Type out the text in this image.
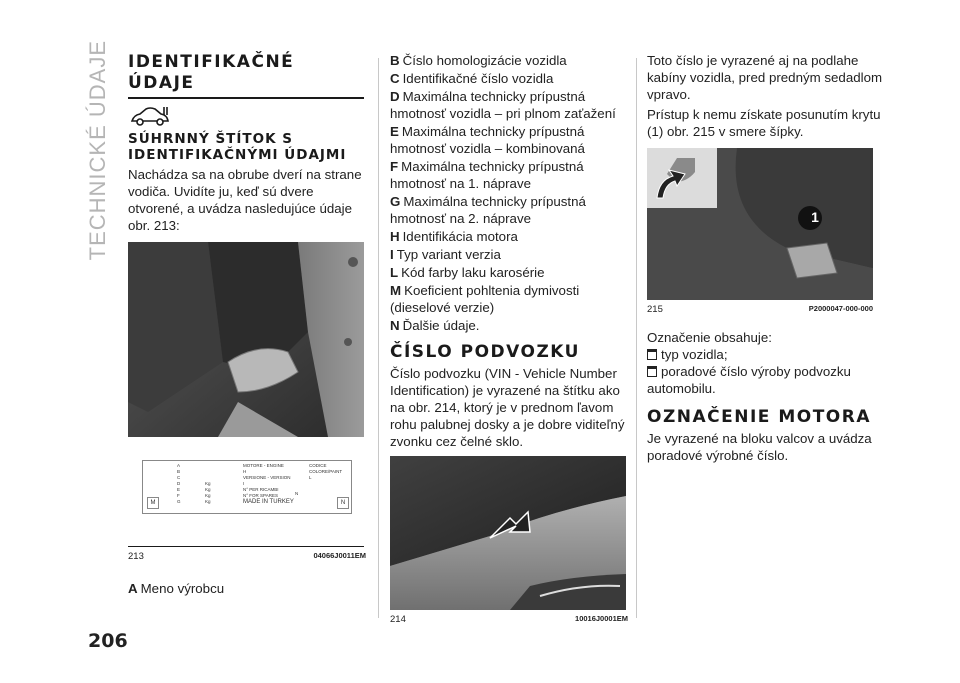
TECHNICKÉ ÚDAJE
206
IDENTIFIKAČNÉ ÚDAJE
SÚHRNNÝ ŠTÍTOK S IDENTIFIKAČNÝMI ÚDAJMI
Nachádza sa na obrube dverí na strane vodiča. Uvidíte ju, keď sú dvere otvorené, a uvádza nasledujúce údaje obr. 213:
A
B
C
D
E
F
G
Kg
Kg
Kg
Kg
MOTORE - ENGINE
H
VERSIONE - VERSION
I
N° PER RICAMBI
N° FOR SPARES
MADE IN TURKEY
CODICE COLORE/PAINT
L
N
M	N
213	04066J0011EM
A Meno výrobcu
B Číslo homologizácie vozidla
C Identifikačné číslo vozidla
D Maximálna technicky prípustná hmotnosť vozidla – pri plnom zaťažení
E Maximálna technicky prípustná hmotnosť vozidla – kombinovaná
F Maximálna technicky prípustná hmotnosť na 1. nápravе
G Maximálna technicky prípustná hmotnosť na 2. nápravе
H Identifikácia motora
I Typ variant verzia
L Kód farby laku karosérie
M Koeficient pohltenia dymivosti (dieselové verzie)
N Ďalšie údaje.
ČÍSLO PODVOZKU
Číslo podvozku (VIN - Vehicle Number Identification) je vyrazené na štítku ako na obr. 214, ktorý je v prednom ľavom rohu palubnej dosky a je dobre viditeľný zvonku cez čelné sklo.
214	10016J0001EM
Toto číslo je vyrazené aj na podlahe kabíny vozidla, pred predným sedadlom vpravo.
Prístup k nemu získate posunutím krytu (1) obr. 215 v smere šípky.
1
215	P2000047-000-000
Označenie obsahuje:
typ vozidla;
poradové číslo výroby podvozku automobilu.
OZNAČENIE MOTORA
Je vyrazené na bloku valcov a uvádza poradové výrobné číslo.
